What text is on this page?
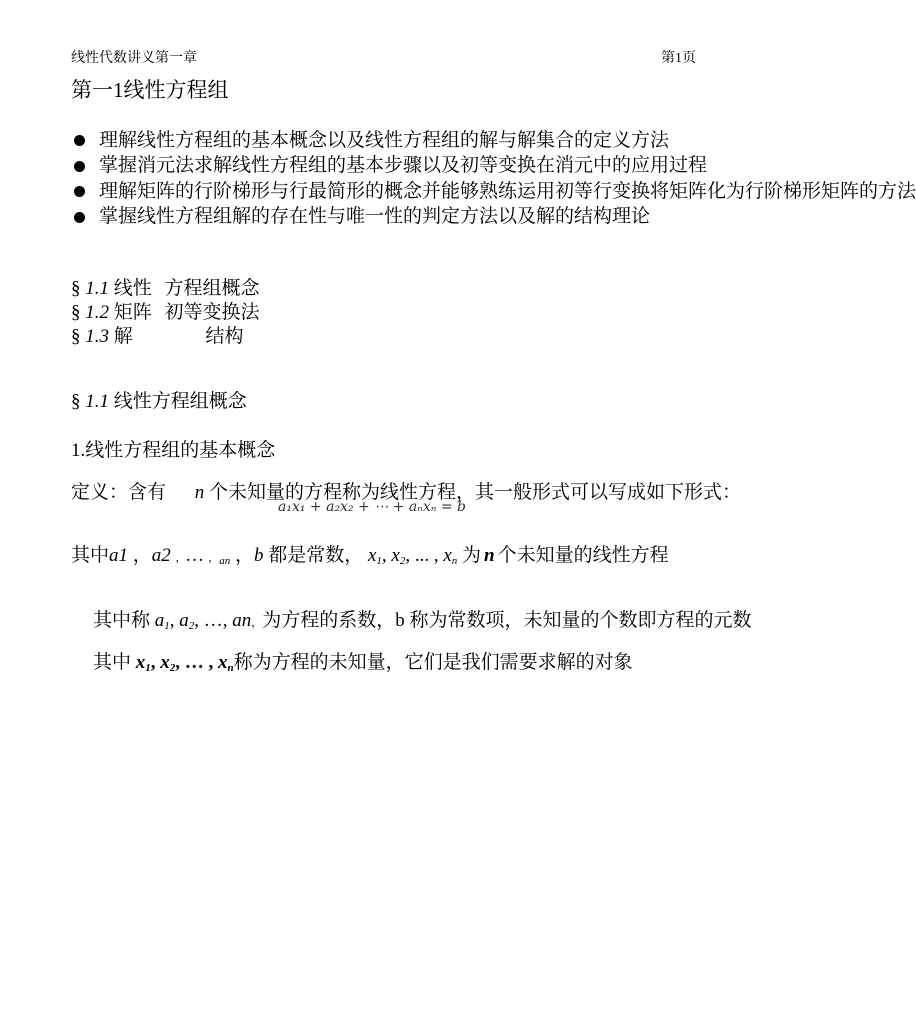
线性代数讲义第一章	第1页
第一1线性方程组
理解线性方程组的基本概念以及线性方程组的解与解集合的定义方法
掌握消元法求解线性方程组的基本步骤以及初等变换在消元中的应用过程
理解矩阵的行阶梯形与行最简形的概念并能够熟练运用初等行变换将矩阵化为行阶梯形矩阵的方法
掌握线性方程组解的存在性与唯一性的判定方法以及解的结构理论
§ 1.1 线性 方程组概念
§ 1.2 矩阵 初等变换法
§ 1.3 解	结构
§ 1.1 线性方程组概念
1.线性方程组的基本概念
定义：含有 n 个未知量的方程称为线性方程，其一般形式可以写成如下形式：
a₁x₁ + a₂x₂ + ⋯ + aₙxₙ = b
其中a1 ，a2 ，… ，$_{an}$ ，b 都是常数， $x_1$, $x_2$, ... , $x_n$ 为 n 个未知量的线性方程
其中称 $a_1$, $a_2$, …, an，为方程的系数，b 称为常数项，未知量的个数即方程的元数
其中 $x_1$, $x_2$, … , $x_n$称为方程的未知量，它们是我们需要求解的对象
